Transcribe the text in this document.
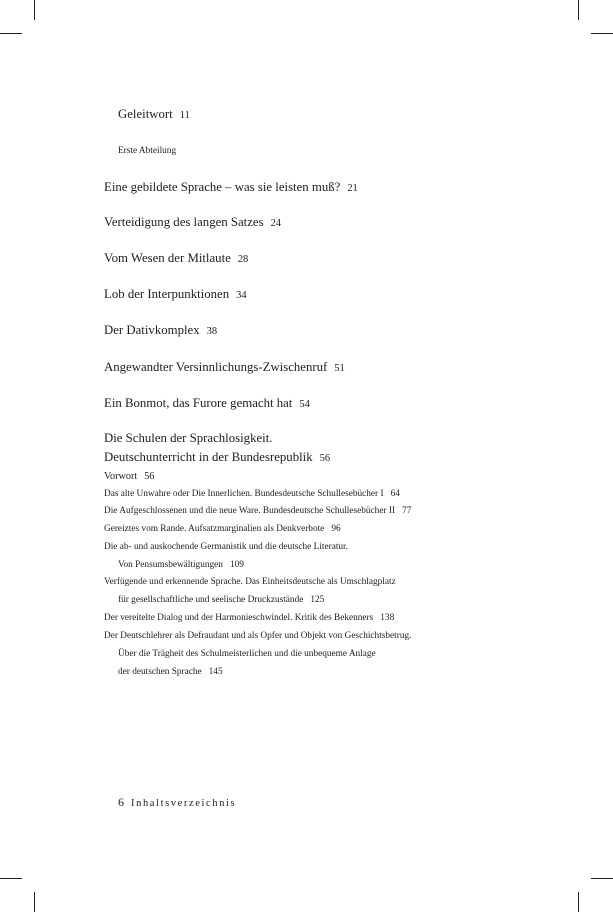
Geleitwort 11
Erste Abteilung
Eine gebildete Sprache – was sie leisten muß? 21
Verteidigung des langen Satzes 24
Vom Wesen der Mitlaute 28
Lob der Interpunktionen 34
Der Dativkomplex 38
Angewandter Versinnlichungs-Zwischenruf 51
Ein Bonmot, das Furore gemacht hat 54
Die Schulen der Sprachlosigkeit.
Deutschunterricht in der Bundesrepublik 56
Vorwort 56
Das alte Unwahre oder Die Innerlichen. Bundesdeutsche Schullesebücher I 64
Die Aufgeschlossenen und die neue Ware. Bundesdeutsche Schullesebücher II 77
Gereiztes vom Rande. Aufsatzmarginalien als Denkverbote 96
Die ab- und auskochende Germanistik und die deutsche Literatur.
Von Pensumsbewältigungen 109
Verfügende und erkennende Sprache. Das Einheitsdeutsche als Umschlagplatz
für gesellschaftliche und seelische Druckzustände 125
Der vereitelte Dialog und der Harmonieschwindel. Kritik des Bekenners 138
Der Deutschlehrer als Defraudant und als Opfer und Objekt von Geschichtsbetrug.
Über die Trägheit des Schulmeisterlichen und die unbequeme Anlage
der deutschen Sprache 145
6 Inhaltsverzeichnis
